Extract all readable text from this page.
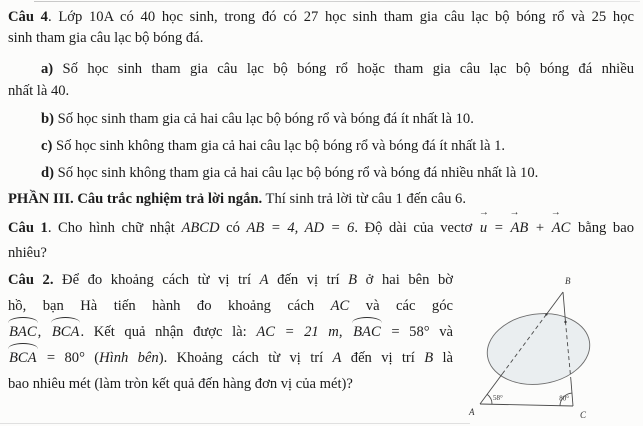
Câu 4. Lớp 10A có 40 học sinh, trong đó có 27 học sinh tham gia câu lạc bộ bóng rổ và 25 học
sinh tham gia câu lạc bộ bóng đá.
a) Số học sinh tham gia câu lạc bộ bóng rổ hoặc tham gia câu lạc bộ bóng đá nhiều
nhất là 40.
b) Số học sinh tham gia cả hai câu lạc bộ bóng rổ và bóng đá ít nhất là 10.
c) Số học sinh không tham gia cả hai câu lạc bộ bóng rổ và bóng đá ít nhất là 1.
d) Số học sinh không tham gia cả hai câu lạc bộ bóng rổ và bóng đá nhiều nhất là 10.
PHẦN III. Câu trắc nghiệm trả lời ngắn. Thí sinh trả lời từ câu 1 đến câu 6.
Câu 1. Cho hình chữ nhật ABCD có AB = 4, AD = 6. Độ dài của vectơ
→
u =
→
AB +
→
AC bằng bao
nhiêu?
Câu 2. Để đo khoảng cách từ vị trí A đến vị trí B ở hai bên bờ
hồ, bạn Hà tiến hành đo khoảng cách AC và các góc
BAC, BCA. Kết quả nhận được là: AC = 21 m, BAC = 58° và
BCA = 80° (Hình bên). Khoảng cách từ vị trí A đến vị trí B là
bao nhiêu mét (làm tròn kết quả đến hàng đơn vị của mét)?
A
B
C
58°	80°
